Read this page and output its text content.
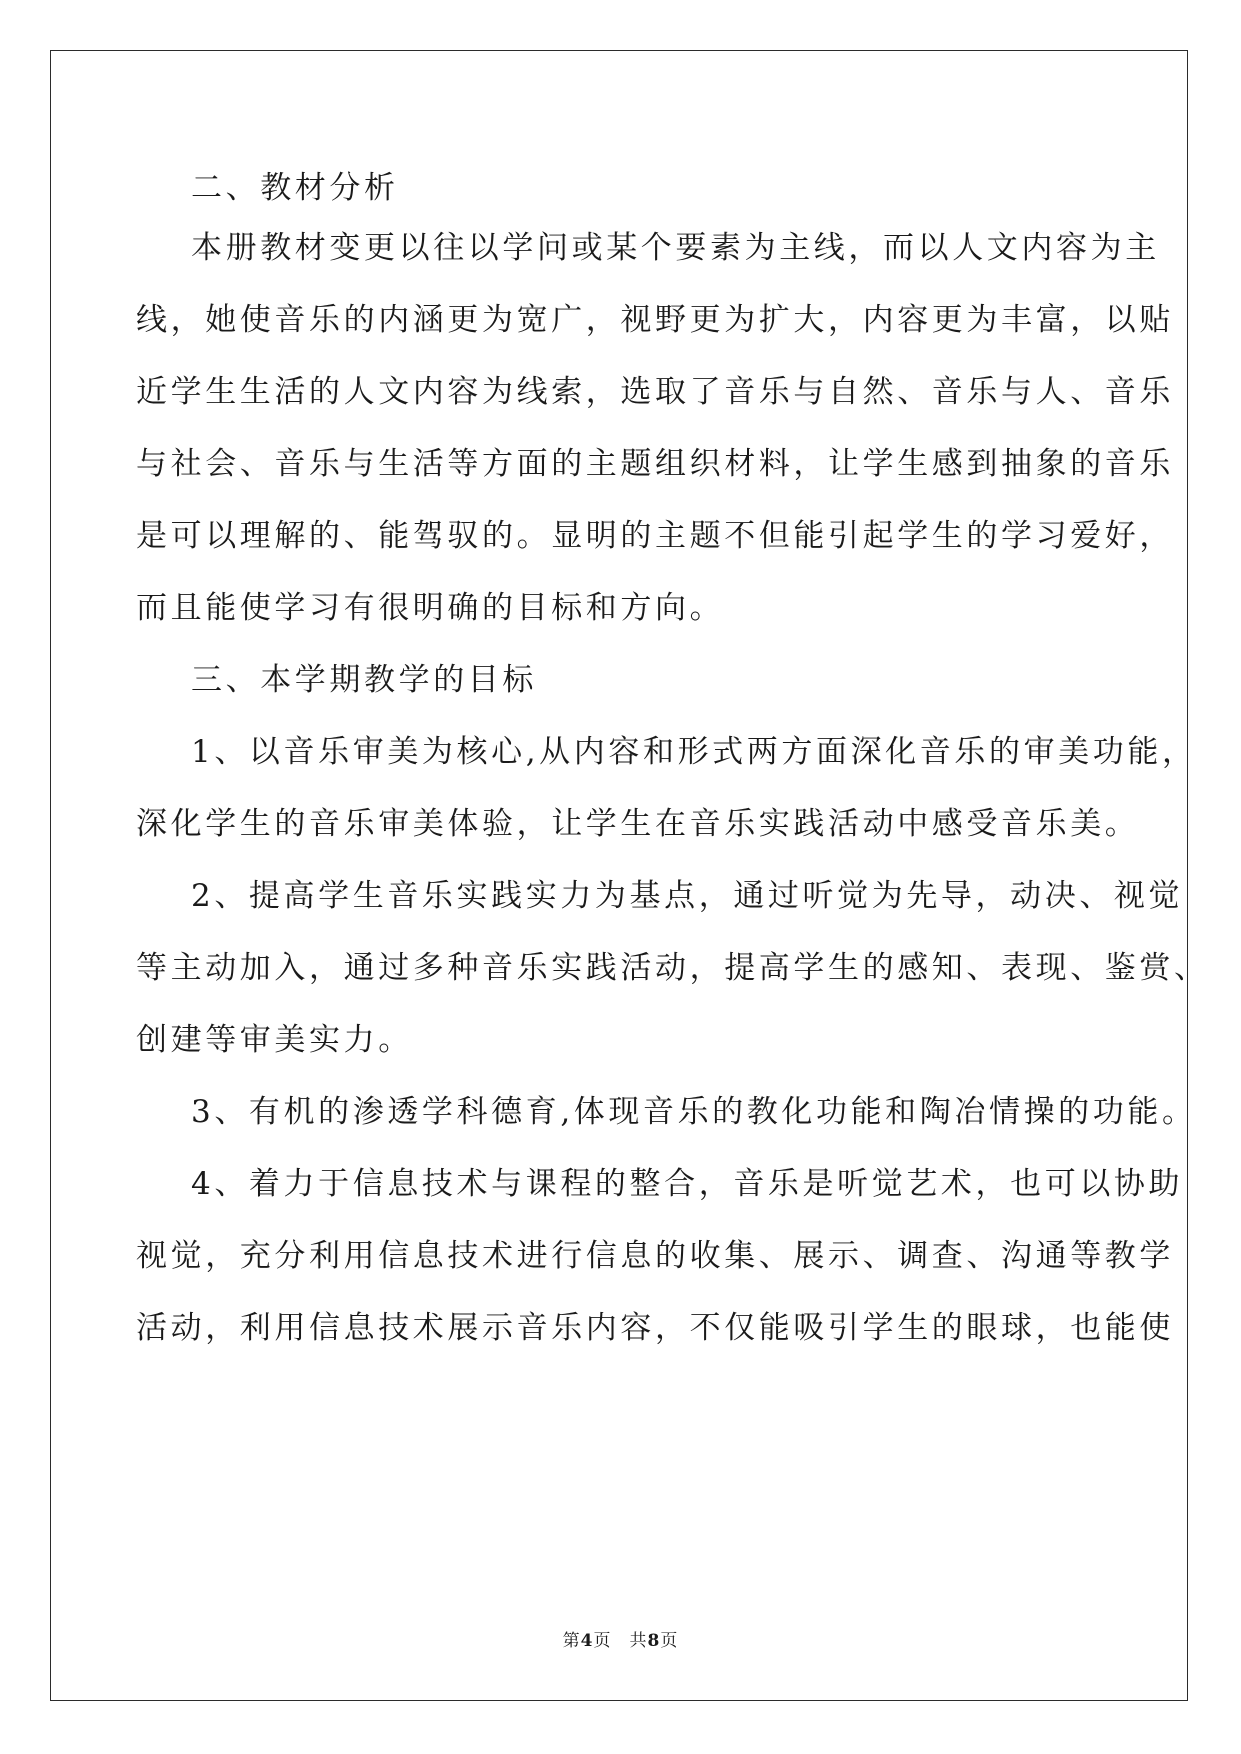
二、教材分析

本册教材变更以往以学问或某个要素为主线，而以人文内容为主

线，她使音乐的内涵更为宽广，视野更为扩大，内容更为丰富，以贴

近学生生活的人文内容为线索，选取了音乐与自然、音乐与人、音乐

与社会、音乐与生活等方面的主题组织材料，让学生感到抽象的音乐

是可以理解的、能驾驭的。显明的主题不但能引起学生的学习爱好，

而且能使学习有很明确的目标和方向。

三、本学期教学的目标

1、以音乐审美为核心,从内容和形式两方面深化音乐的审美功能，

深化学生的音乐审美体验，让学生在音乐实践活动中感受音乐美。

2、提高学生音乐实践实力为基点，通过听觉为先导，动决、视觉

等主动加入，通过多种音乐实践活动，提高学生的感知、表现、鉴赏、

创建等审美实力。

3、有机的渗透学科德育,体现音乐的教化功能和陶冶情操的功能。

4、着力于信息技术与课程的整合，音乐是听觉艺术，也可以协助

视觉，充分利用信息技术进行信息的收集、展示、调查、沟通等教学

活动，利用信息技术展示音乐内容，不仅能吸引学生的眼球，也能使

第4页　共8页
